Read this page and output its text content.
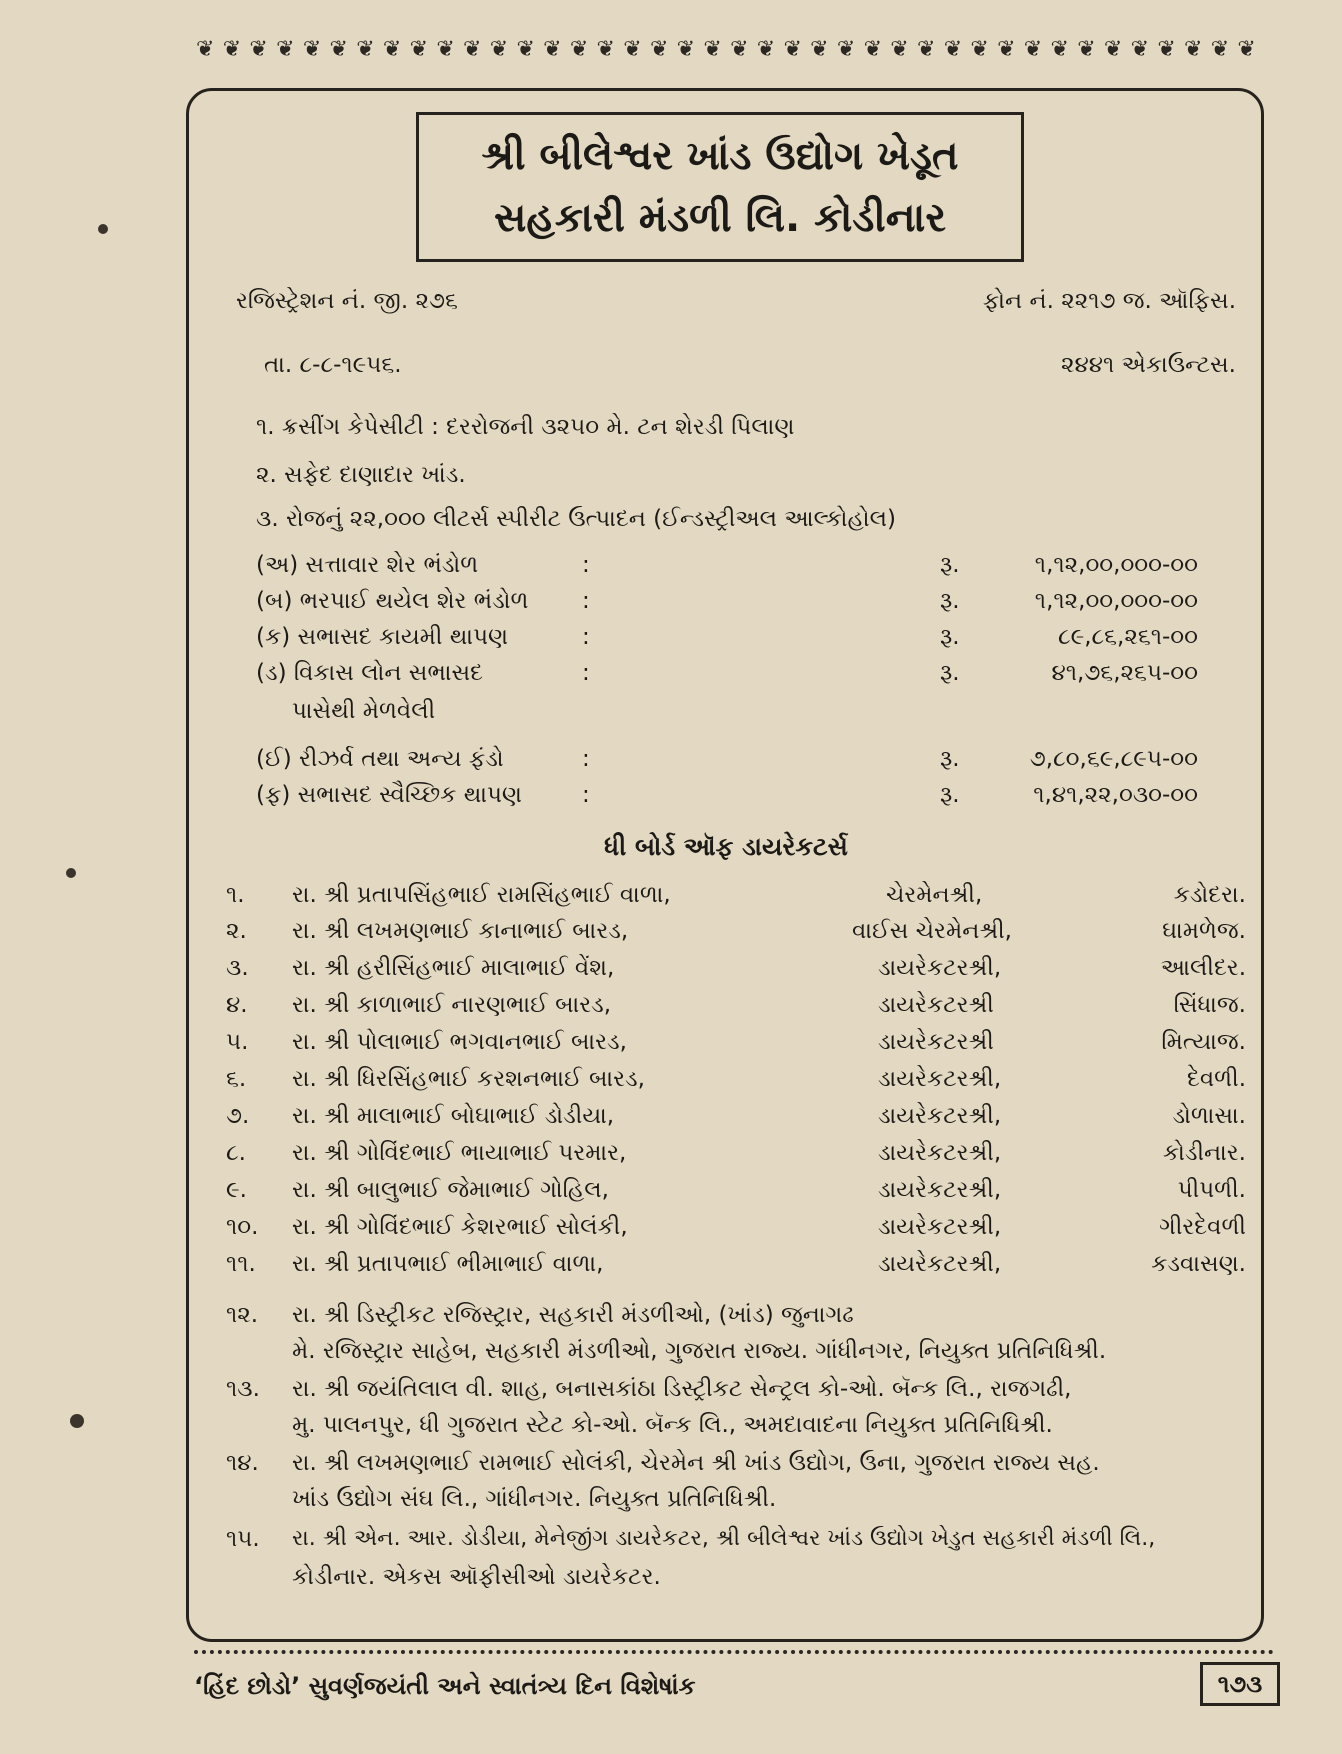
❦ ❦ ❦ ❦ ❦ ❦ ❦ ❦ ❦ ❦ ❦ ❦ ❦ ❦ ❦ ❦ ❦ ❦ ❦ ❦ ❦ ❦ ❦ ❦ ❦ ❦ ❦ ❦ ❦ ❦ ❦ ❦ ❦ ❦ ❦ ❦ ❦ ❦ ❦ ❦
શ્રી બીલેશ્વર ખાંડ ઉદ્યોગ ખેડૂત
સહકારી મંડળી લિ. કોડીનાર
રજિસ્ટ્રેશન નં. જી. ૨૭૬	ફોન નં. ૨૨૧૭ જ. ઑફિસ.
તા. ૮-૮-૧૯૫૬.	૨૪૪૧ એકાઉન્ટસ.
૧. ક્રસીંગ કેપેસીટી : દરરોજની ૩૨૫૦ મે. ટન શેરડી પિલાણ
૨. સફેદ દાણાદાર ખાંડ.
૩. રોજનું ૨૨,૦૦૦ લીટર્સ સ્પીરીટ ઉત્પાદન (ઈન્ડસ્ટ્રીઅલ આલ્કોહોલ)
(અ) સત્તાવાર શેર ભંડોળ	:	રૂ.	૧,૧૨,૦૦,૦૦૦-૦૦
(બ) ભરપાઈ થયેલ શેર ભંડોળ :	રૂ.	૧,૧૨,૦૦,૦૦૦-૦૦
(ક) સભાસદ કાયમી થાપણ	:	રૂ.	૮૯,૮૬,૨૬૧-૦૦
(ડ) વિકાસ લોન સભાસદ	:	રૂ.	૪૧,૭૬,૨૬૫-૦૦
પાસેથી મેળવેલી
(ઈ) રીઝર્વ તથા અન્ય ફંડો	:	રૂ.	૭,૮૦,૬૯,૮૯૫-૦૦
(ફ) સભાસદ સ્વૈચ્છિક થાપણ	:	રૂ.	૧,૪૧,૨૨,૦૩૦-૦૦
ધી બોર્ડ ઑફ ડાયરેકટર્સ
૧. રા. શ્રી પ્રતાપસિંહભાઈ રામસિંહભાઈ વાળા,	ચેરમેનશ્રી,	કડોદરા.
૨. રા. શ્રી લખમણભાઈ કાનાભાઈ બારડ,	વાઈસ ચેરમેનશ્રી,	ઘામળેજ.
૩. રા. શ્રી હરીસિંહભાઈ માલાભાઈ વેંશ,	ડાયરેકટરશ્રી,	આલીદર.
૪. રા. શ્રી કાળાભાઈ નારણભાઈ બારડ,	ડાયરેકટરશ્રી	સિંધાજ.
૫. રા. શ્રી પોલાભાઈ ભગવાનભાઈ બારડ,	ડાયરેકટરશ્રી	મિત્યાજ.
૬. રા. શ્રી ધિરસિંહભાઈ કરશનભાઈ બારડ,	ડાયરેકટરશ્રી,	દેવળી.
૭. રા. શ્રી માલાભાઈ બોઘાભાઈ ડોડીયા,	ડાયરેકટરશ્રી,	ડોળાસા.
૮. રા. શ્રી ગોવિંદભાઈ ભાયાભાઈ પરમાર,	ડાયરેકટરશ્રી,	કોડીનાર.
૯. રા. શ્રી બાલુભાઈ જેમાભાઈ ગોહિલ,	ડાયરેકટરશ્રી,	પીપળી.
૧૦. રા. શ્રી ગોવિંદભાઈ કેશરભાઈ સોલંકી,	ડાયરેકટરશ્રી,	ગીરદેવળી
૧૧. રા. શ્રી પ્રતાપભાઈ ભીમાભાઈ વાળા,	ડાયરેકટરશ્રી,	કડવાસણ.
૧૨. રા. શ્રી ડિસ્ટ્રીકટ રજિસ્ટ્રાર, સહકારી મંડળીઓ, (ખાંડ) જુનાગઢ
મે. રજિસ્ટ્રાર સાહેબ, સહકારી મંડળીઓ, ગુજરાત રાજ્ય. ગાંધીનગર, નિયુક્ત પ્રતિનિધિશ્રી.
૧૩. રા. શ્રી જયંતિલાલ વી. શાહ, બનાસકાંઠા ડિસ્ટ્રીકટ સેન્ટ્રલ કો-ઓ. બૅન્ક લિ., રાજગઢી,
મુ. પાલનપુર, ધી ગુજરાત સ્ટેટ કો-ઓ. બૅન્ક લિ., અમદાવાદના નિયુક્ત પ્રતિનિધિશ્રી.
૧૪. રા. શ્રી લખમણભાઈ રામભાઈ સોલંકી, ચેરમેન શ્રી ખાંડ ઉદ્યોગ, ઉના, ગુજરાત રાજ્ય સહ.
ખાંડ ઉદ્યોગ સંઘ લિ., ગાંધીનગર. નિયુક્ત પ્રતિનિધિશ્રી.
૧૫. રા. શ્રી એન. આર. ડોડીયા, મેનેજીંગ ડાયરેકટર, શ્રી બીલેશ્વર ખાંડ ઉદ્યોગ ખેડુત સહકારી મંડળી લિ.,
કોડીનાર. એકસ ઑફીસીઓ ડાયરેકટર.
‘હિંદ છોડો’ સુવર્ણજયંતી અને સ્વાતંત્ર્ય દિન વિશેષાંક	૧૭૩
